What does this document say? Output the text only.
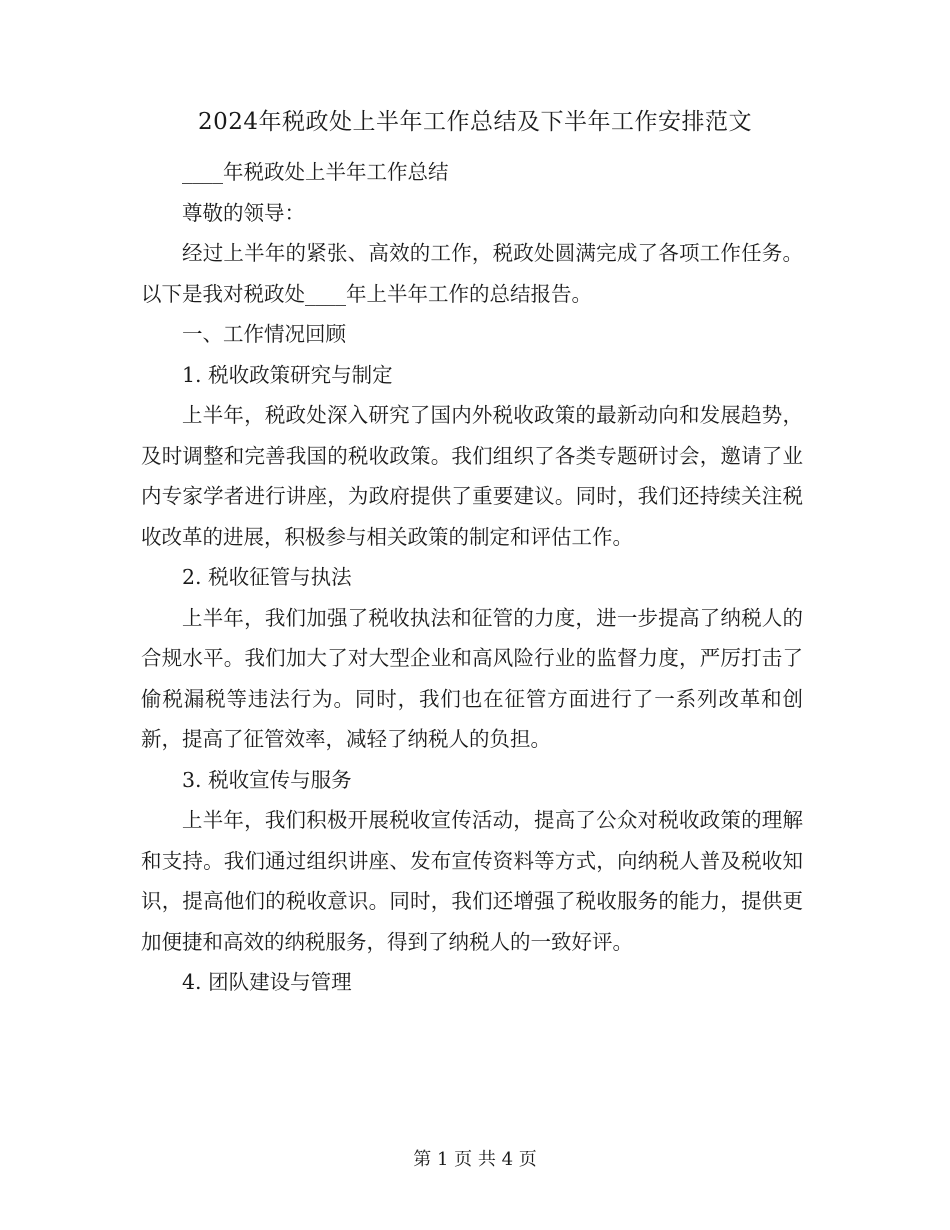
2024年税政处上半年工作总结及下半年工作安排范文

____年税政处上半年工作总结

尊敬的领导：

经过上半年的紧张、高效的工作，税政处圆满完成了各项工作任务。以下是我对税政处____年上半年工作的总结报告。

一、工作情况回顾

1. 税收政策研究与制定

上半年，税政处深入研究了国内外税收政策的最新动向和发展趋势，及时调整和完善我国的税收政策。我们组织了各类专题研讨会，邀请了业内专家学者进行讲座，为政府提供了重要建议。同时，我们还持续关注税收改革的进展，积极参与相关政策的制定和评估工作。

2. 税收征管与执法

上半年，我们加强了税收执法和征管的力度，进一步提高了纳税人的合规水平。我们加大了对大型企业和高风险行业的监督力度，严厉打击了偷税漏税等违法行为。同时，我们也在征管方面进行了一系列改革和创新，提高了征管效率，减轻了纳税人的负担。

3. 税收宣传与服务

上半年，我们积极开展税收宣传活动，提高了公众对税收政策的理解和支持。我们通过组织讲座、发布宣传资料等方式，向纳税人普及税收知识，提高他们的税收意识。同时，我们还增强了税收服务的能力，提供更加便捷和高效的纳税服务，得到了纳税人的一致好评。

4. 团队建设与管理

第 1 页 共 4 页
